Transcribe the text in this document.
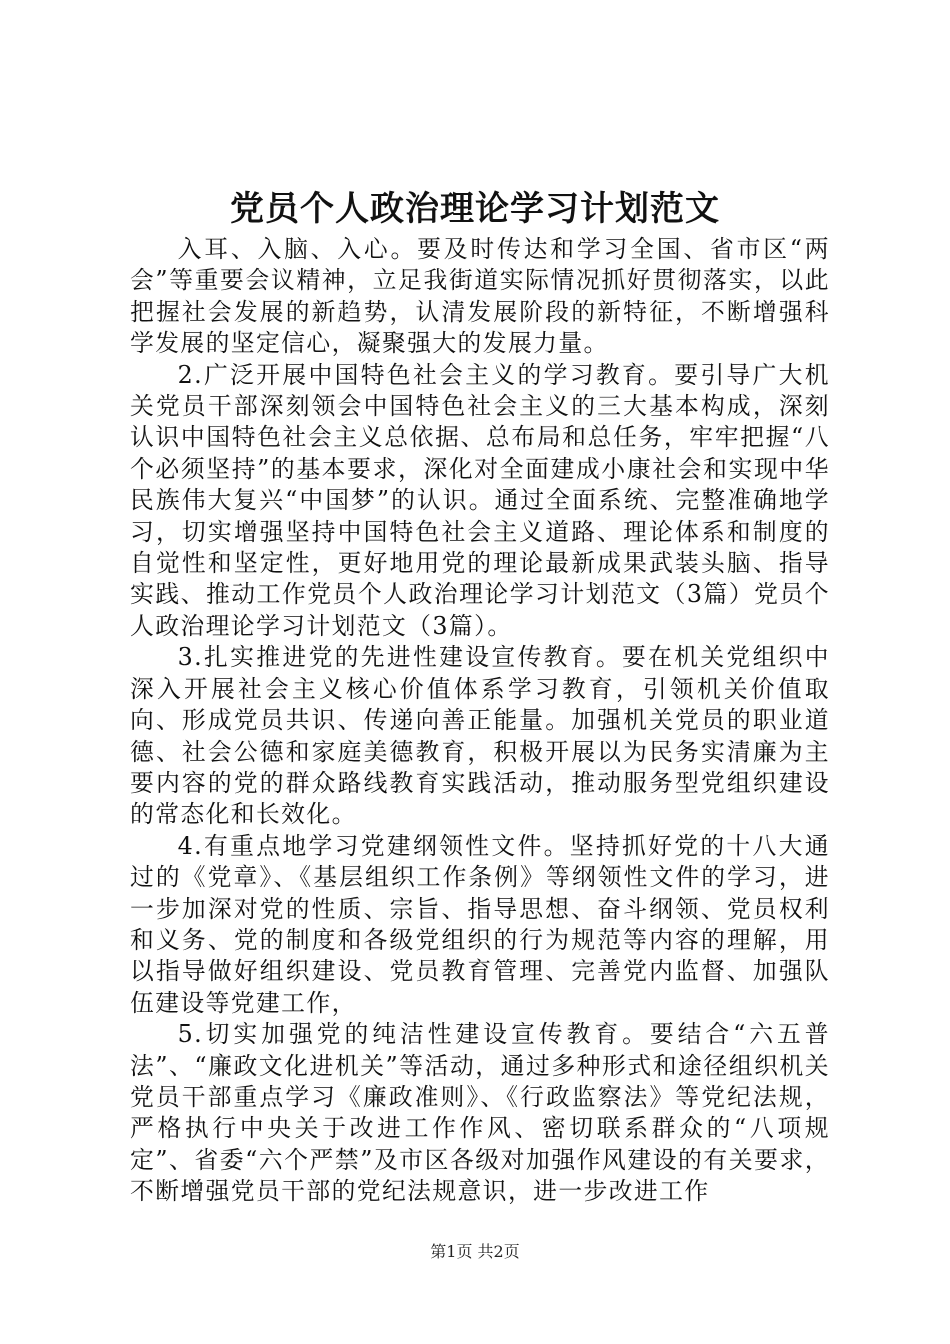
党员个人政治理论学习计划范文

入耳、入脑、入心。要及时传达和学习全国、省市区“两会”等重要会议精神，立足我街道实际情况抓好贯彻落实，以此把握社会发展的新趋势，认清发展阶段的新特征，不断增强科学发展的坚定信心，凝聚强大的发展力量。

2.广泛开展中国特色社会主义的学习教育。要引导广大机关党员干部深刻领会中国特色社会主义的三大基本构成，深刻认识中国特色社会主义总依据、总布局和总任务，牢牢把握“八个必须坚持”的基本要求，深化对全面建成小康社会和实现中华民族伟大复兴“中国梦”的认识。通过全面系统、完整准确地学习，切实增强坚持中国特色社会主义道路、理论体系和制度的自觉性和坚定性，更好地用党的理论最新成果武装头脑、指导实践、推动工作党员个人政治理论学习计划范文（3篇）党员个人政治理论学习计划范文（3篇）。

3.扎实推进党的先进性建设宣传教育。要在机关党组织中深入开展社会主义核心价值体系学习教育，引领机关价值取向、形成党员共识、传递向善正能量。加强机关党员的职业道德、社会公德和家庭美德教育，积极开展以为民务实清廉为主要内容的党的群众路线教育实践活动，推动服务型党组织建设的常态化和长效化。

4.有重点地学习党建纲领性文件。坚持抓好党的十八大通过的《党章》、《基层组织工作条例》等纲领性文件的学习，进一步加深对党的性质、宗旨、指导思想、奋斗纲领、党员权利和义务、党的制度和各级党组织的行为规范等内容的理解，用以指导做好组织建设、党员教育管理、完善党内监督、加强队伍建设等党建工作，

5.切实加强党的纯洁性建设宣传教育。要结合“六五普法”、“廉政文化进机关”等活动，通过多种形式和途径组织机关党员干部重点学习《廉政准则》、《行政监察法》等党纪法规，严格执行中央关于改进工作作风、密切联系群众的“八项规定”、省委“六个严禁”及市区各级对加强作风建设的有关要求，不断增强党员干部的党纪法规意识，进一步改进工作

第1页 共2页
